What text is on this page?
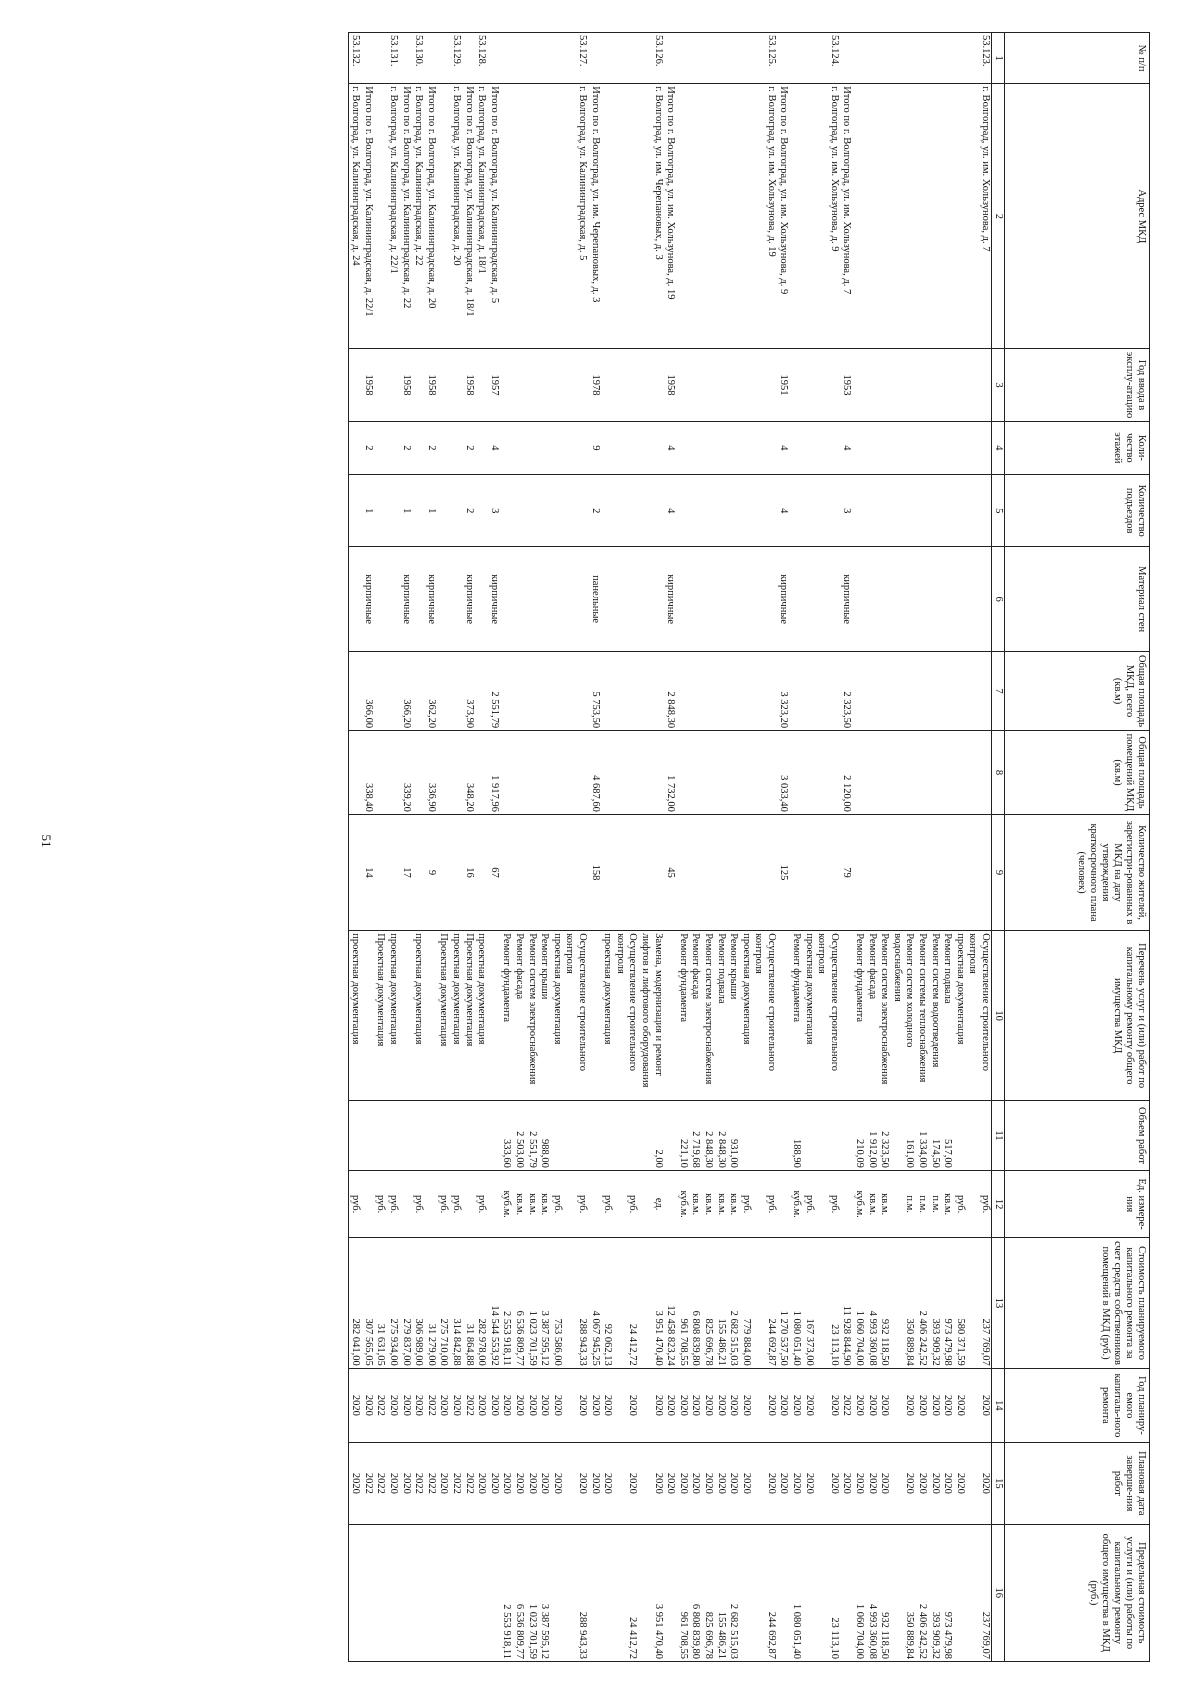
51
№ п/п	Адрес МКД	Год ввода в эксплу-атацию	Коли-чество этажей	Количество подъездов	Материал стен	Общая площадь МКД, всего (кв.м)	Общая площадь помещений МКД (кв.м)	Количество жителей, зарегистри-рованных в МКД на дату утверждения краткосрочного плана (человек)	Перечень услуг и (или) работ по капитальному ремонту общего имущества МКД	Объем работ	Ед. измере-ния	Стоимость планируемого капитального ремонта за счет средств собственников помещений в МКД (руб.)	Год планиру-емого капиталь-ного ремонта	Плановая дата заверше-ния работ	Предельная стоимость услуги и (или) работы по капитальному ремонту общего имущества в МКД (руб.)
1	2	3	4	5	6	7	8	9	10	11	12	13	14	15	16
53.123.	г. Волгоград, ул. им. Хользунова, д. 7								Осуществление строительного контроля		руб.	237 769,07	2020	2020	237 769,07
									проектная документация		руб.	580 371,59	2020	2020	
									Ремонт подвала	517,00	кв.м.	973 479,98	2020	2020	973 479,98
									Ремонт систем водоотведения	174,50	п.м.	393 909,32	2020	2020	393 909,32
									Ремонт системы теплоснабжения	1 334,00	п.м.	2 406 242,52	2020	2020	2 406 242,52
									Ремонт систем холодного водоснабжения	161,00	п.м.	350 889,84	2020	2020	350 889,84
									Ремонт систем электроснабжения	2 323,50	кв.м.	932 118,50	2020	2020	932 118,50
									Ремонт фасада	1 912,00	кв.м.	4 993 360,08	2020	2020	4 993 360,08
									Ремонт фундамента	210,09	куб.м.	1 060 704,00	2020	2020	1 060 704,00
	Итого по г. Волгоград, ул. им. Хользунова, д. 7	1953	4	3	кирпичные	2 323,50	2 120,00	79				11 928 844,90	2022	2020	
53.124.	г. Волгоград, ул. им. Хользунова, д. 9								Осуществление строительного контроля		руб.	23 113,10	2020	2020	23 113,10
									проектная документация		руб.	167 373,00	2020	2020	
									Ремонт фундамента	188,90	куб.м.	1 080 051,40	2020	2020	1 080 051,40
	Итого по г. Волгоград, ул. им. Хользунова, д. 9	1951	4	4	кирпичные	3 323,20	3 033,40	125				1 270 537,50	2020	2020	
53.125.	г. Волгоград, ул. им. Хользунова, д. 19								Осуществление строительного контроля		руб.	244 692,87	2020	2020	244 692,87
									проектная документация		руб.	779 884,00	2020	2020	
									Ремонт крыши	931,00	кв.м.	2 682 515,03	2020	2020	2 682 515,03
									Ремонт подвала	2 848,30	кв.м.	155 486,21	2020	2020	155 486,21
									Ремонт систем электроснабжения	2 848,30	кв.м.	825 696,78	2020	2020	825 696,78
									Ремонт фасада	2 719,68	кв.м.	6 808 839,80	2020	2020	6 808 839,80
									Ремонт фундамента	221,10	куб.м.	961 708,55	2020	2020	961 708,55
	Итого по г. Волгоград, ул. им. Хользунова, д. 19	1958	4	4	кирпичные	2 848,30	1 732,00	45				12 458 823,24	2020	2020	
53.126.	г. Волгоград, ул. им. Черепановых, д. 3								Замена, модернизация и ремонт лифтов и лифтового оборудования	2,00	ед.	3 951 470,40	2020	2020	3 951 470,40
									Осуществление строительного контроля		руб.	24 412,72	2020	2020	24 412,72
									проектная документация		руб.	92 062,13	2020	2020	
	Итого по г. Волгоград, ул. им. Черепановых, д. 3	1978	9	2	панельные	5 753,50	4 687,60	158				4 067 945,25	2020	2020	
53.127.	г. Волгоград, ул. Калининградская, д. 5								Осуществление строительного контроля		руб.	288 943,33	2020	2020	288 943,33
									проектная документация		руб.	753 586,00	2020	2020	
									Ремонт крыши	988,00	кв.м.	3 387 595,12	2020	2020	3 387 595,12
									Ремонт систем электроснабжения	2 551,79	кв.м.	1 023 701,59	2020	2020	1 023 701,59
									Ремонт фасада	2 503,00	кв.м.	6 536 809,77	2020	2020	6 536 809,77
									Ремонт фундамента	333,60	куб.м.	2 553 918,11	2020	2020	2 553 918,11
	Итого по г. Волгоград, ул. Калининградская, д. 5	1957	4	3	кирпичные	2 551,79	1 917,96	67				14 544 553,92	2020	2020	
53.128.	г. Волгоград, ул. Калининградская, д. 18/1								проектная документация		руб.	282 978,00	2020	2020	
	Итого по г. Волгоград, ул. Калининградская, д. 18/1	1958	2	2	кирпичные	373,90	348,20	16	Проектная документация			31 864,88	2022	2022	
53.129.	г. Волгоград, ул. Калининградская, д. 20								проектная документация		руб.	314 842,88	2020	2022	
									Проектная документация		руб.	275 710,00	2020	2020	
	Итого по г. Волгоград, ул. Калининградская, д. 20	1958	2	1	кирпичные	362,20	336,90	9				31 279,00	2022	2022	
53.130.	г. Волгоград, ул. Калининградская, д. 22								проектная документация		руб.	306 989,00	2020	2022	
	Итого по г. Волгоград, ул. Калининградская, д. 22	1958	2	1	кирпичные	366,20	339,20	17				279 837,00	2020	2020	
53.131.	г. Волгоград, ул. Калининградская, д. 22/1								проектная документация		руб.	275 934,00	2020	2020	
									Проектная документация		руб.	31 631,05	2022	2022	
	Итого по г. Волгоград, ул. Калининградская, д. 22/1	1958	2	1	кирпичные	366,00	338,40	14				307 565,05	2020	2022	
53.132.	г. Волгоград, ул. Калининградская, д. 24								проектная документация		руб.	282 041,00	2020	2020	
